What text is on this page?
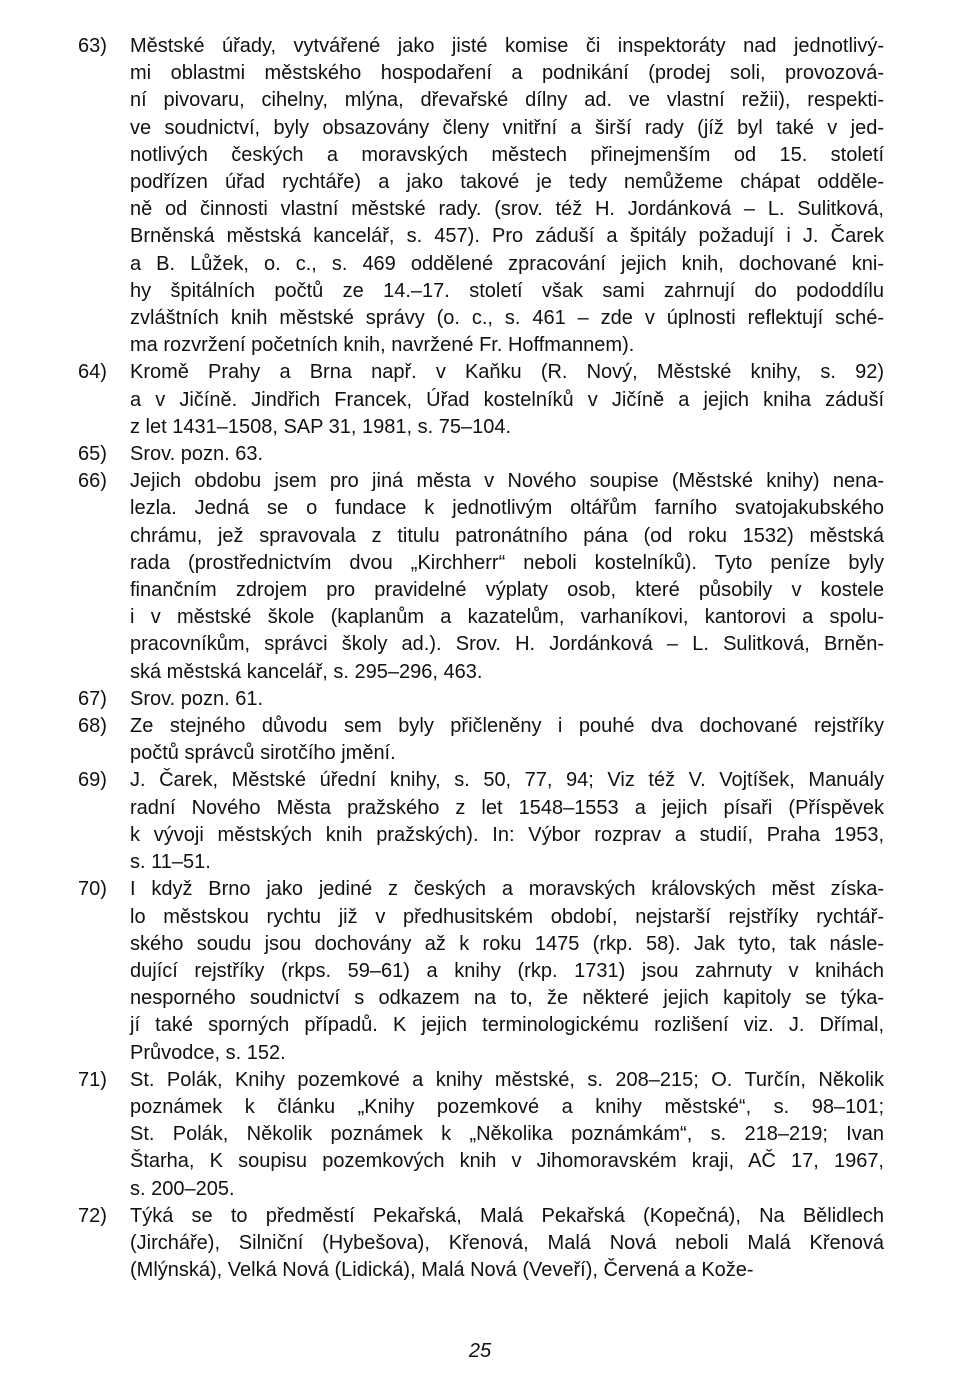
63)	Městské úřady, vytvářené jako jisté komise či inspektoráty nad jednotlivý-
mi oblastmi městského hospodaření a podnikání (prodej soli, provozová-
ní pivovaru, cihelny, mlýna, dřevařské dílny ad. ve vlastní režii), respekti-
ve soudnictví, byly obsazovány členy vnitřní a širší rady (jíž byl také v jed-
notlivých českých a moravských městech přinejmenším od 15. století
podřízen úřad rychtáře) a jako takové je tedy nemůžeme chápat odděle-
ně od činnosti vlastní městské rady. (srov. též H. Jordánková – L. Sulitková,
Brněnská městská kancelář, s. 457). Pro záduší a špitály požadují i J. Čarek
a B. Lůžek, o. c., s. 469 oddělené zpracování jejich knih, dochované kni-
hy špitálních počtů ze 14.–17. století však sami zahrnují do pododdílu
zvláštních knih městské správy (o. c., s. 461 – zde v úplnosti reflektují sché-
ma rozvržení početních knih, navržené Fr. Hoffmannem).
64)	Kromě Prahy a Brna např. v Kaňku (R. Nový, Městské knihy, s. 92)
a v Jičíně. Jindřich Francek, Úřad kostelníků v Jičíně a jejich kniha záduší
z let 1431–1508, SAP 31, 1981, s. 75–104.
65)	Srov. pozn. 63.
66)	Jejich obdobu jsem pro jiná města v Nového soupise (Městské knihy) nena-
lezla. Jedná se o fundace k jednotlivým oltářům farního svatojakubského
chrámu, jež spravovala z titulu patronátního pána (od roku 1532) městská
rada (prostřednictvím dvou „Kirchherr“ neboli kostelníků). Tyto peníze byly
finančním zdrojem pro pravidelné výplaty osob, které působily v kostele
i v městské škole (kaplanům a kazatelům, varhaníkovi, kantorovi a spolu-
pracovníkům, správci školy ad.). Srov. H. Jordánková – L. Sulitková, Brněn-
ská městská kancelář, s. 295–296, 463.
67)	Srov. pozn. 61.
68)	Ze stejného důvodu sem byly přičleněny i pouhé dva dochované rejstříky
počtů správců sirotčího jmění.
69)	J. Čarek, Městské úřední knihy, s. 50, 77, 94; Viz též V. Vojtíšek, Manuály
radní Nového Města pražského z let 1548–1553 a jejich písaři (Příspěvek
k vývoji městských knih pražských). In: Výbor rozprav a studií, Praha 1953,
s. 11–51.
70)	I když Brno jako jediné z českých a moravských královských měst získa-
lo městskou rychtu již v předhusitském období, nejstarší rejstříky rychtář-
ského soudu jsou dochovány až k roku 1475 (rkp. 58). Jak tyto, tak násle-
dující rejstříky (rkps. 59–61) a knihy (rkp. 1731) jsou zahrnuty v knihách
nesporného soudnictví s odkazem na to, že některé jejich kapitoly se týka-
jí také sporných případů. K jejich terminologickému rozlišení viz. J. Dřímal,
Průvodce, s. 152.
71)	St. Polák, Knihy pozemkové a knihy městské, s. 208–215; O. Turčín, Několik
poznámek k článku „Knihy pozemkové a knihy městské“, s. 98–101;
St. Polák, Několik poznámek k „Několika poznámkám“, s. 218–219; Ivan
Štarha, K soupisu pozemkových knih v Jihomoravském kraji, AČ 17, 1967,
s. 200–205.
72)	Týká se to předměstí Pekařská, Malá Pekařská (Kopečná), Na Bělidlech
(Jircháře), Silniční (Hybešova), Křenová, Malá Nová neboli Malá Křenová
(Mlýnská), Velká Nová (Lidická), Malá Nová (Veveří), Červená a Kože-
25
